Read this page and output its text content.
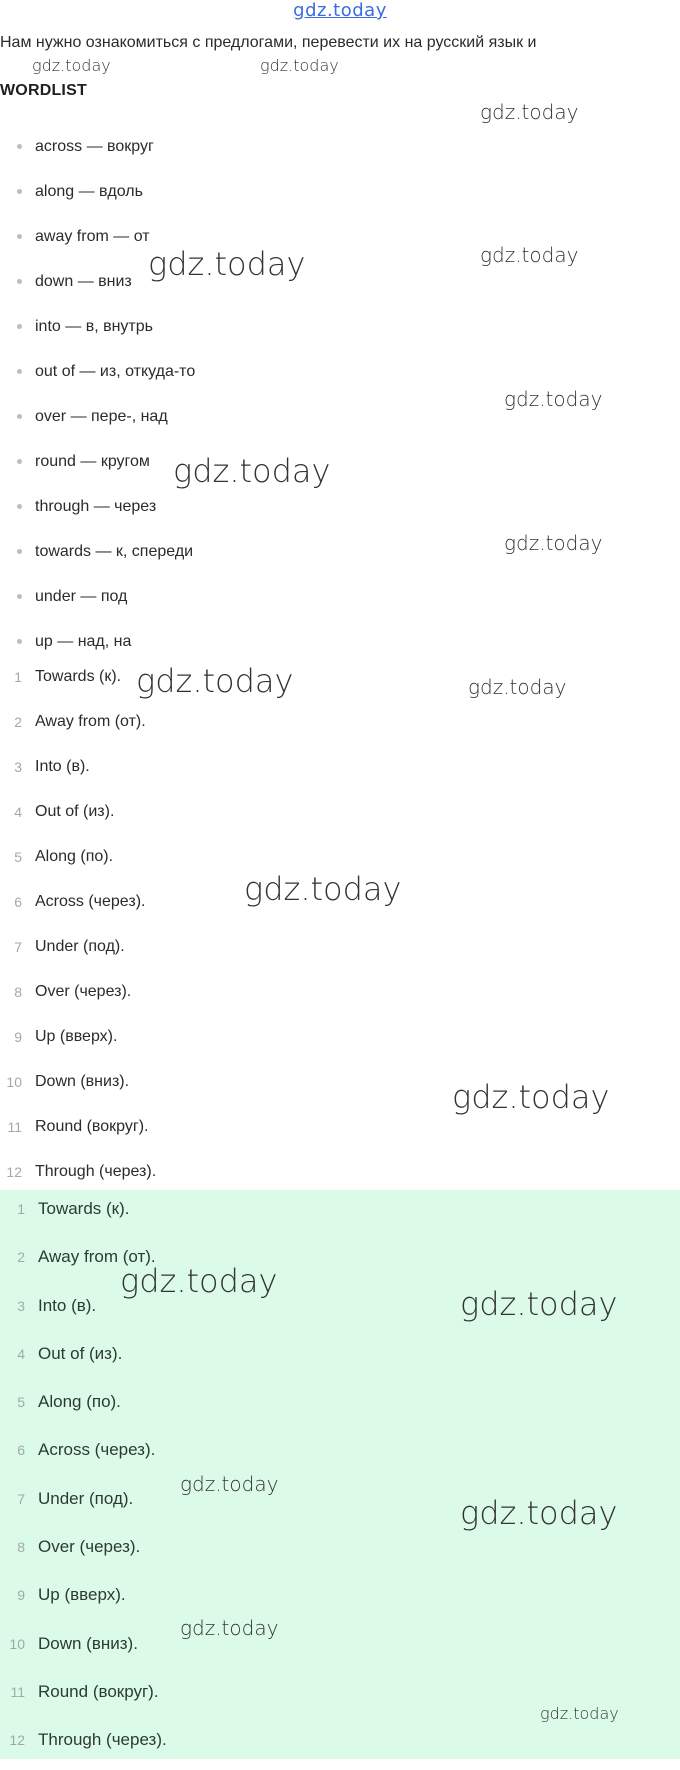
gdz.today
Нам нужно ознакомиться с предлогами, перевести их на русский язык и
WORDLIST
across — вокруг
along — вдоль
away from — от
down — вниз
into — в, внутрь
out of — из, откуда-то
over — пере-, над
round — кругом
through — через
towards — к, спереди
under — под
up — над, на
1 Towards (к).
2 Away from (от).
3 Into (в).
4 Out of (из).
5 Along (по).
6 Across (через).
7 Under (под).
8 Over (через).
9 Up (вверх).
10 Down (вниз).
11 Round (вокруг).
12 Through (через).
1 Towards (к).
2 Away from (от).
3 Into (в).
4 Out of (из).
5 Along (по).
6 Across (через).
7 Under (под).
8 Over (через).
9 Up (вверх).
10 Down (вниз).
11 Round (вокруг).
12 Through (через).
gdz.today	gdz.today
gdz.today
gdz.today
gdz.today
gdz.today
gdz.today
gdz.today
gdz.today	gdz.today
gdz.today
gdz.today
gdz.today
gdz.today
gdz.today
gdz.today
gdz.today
gdz.today
